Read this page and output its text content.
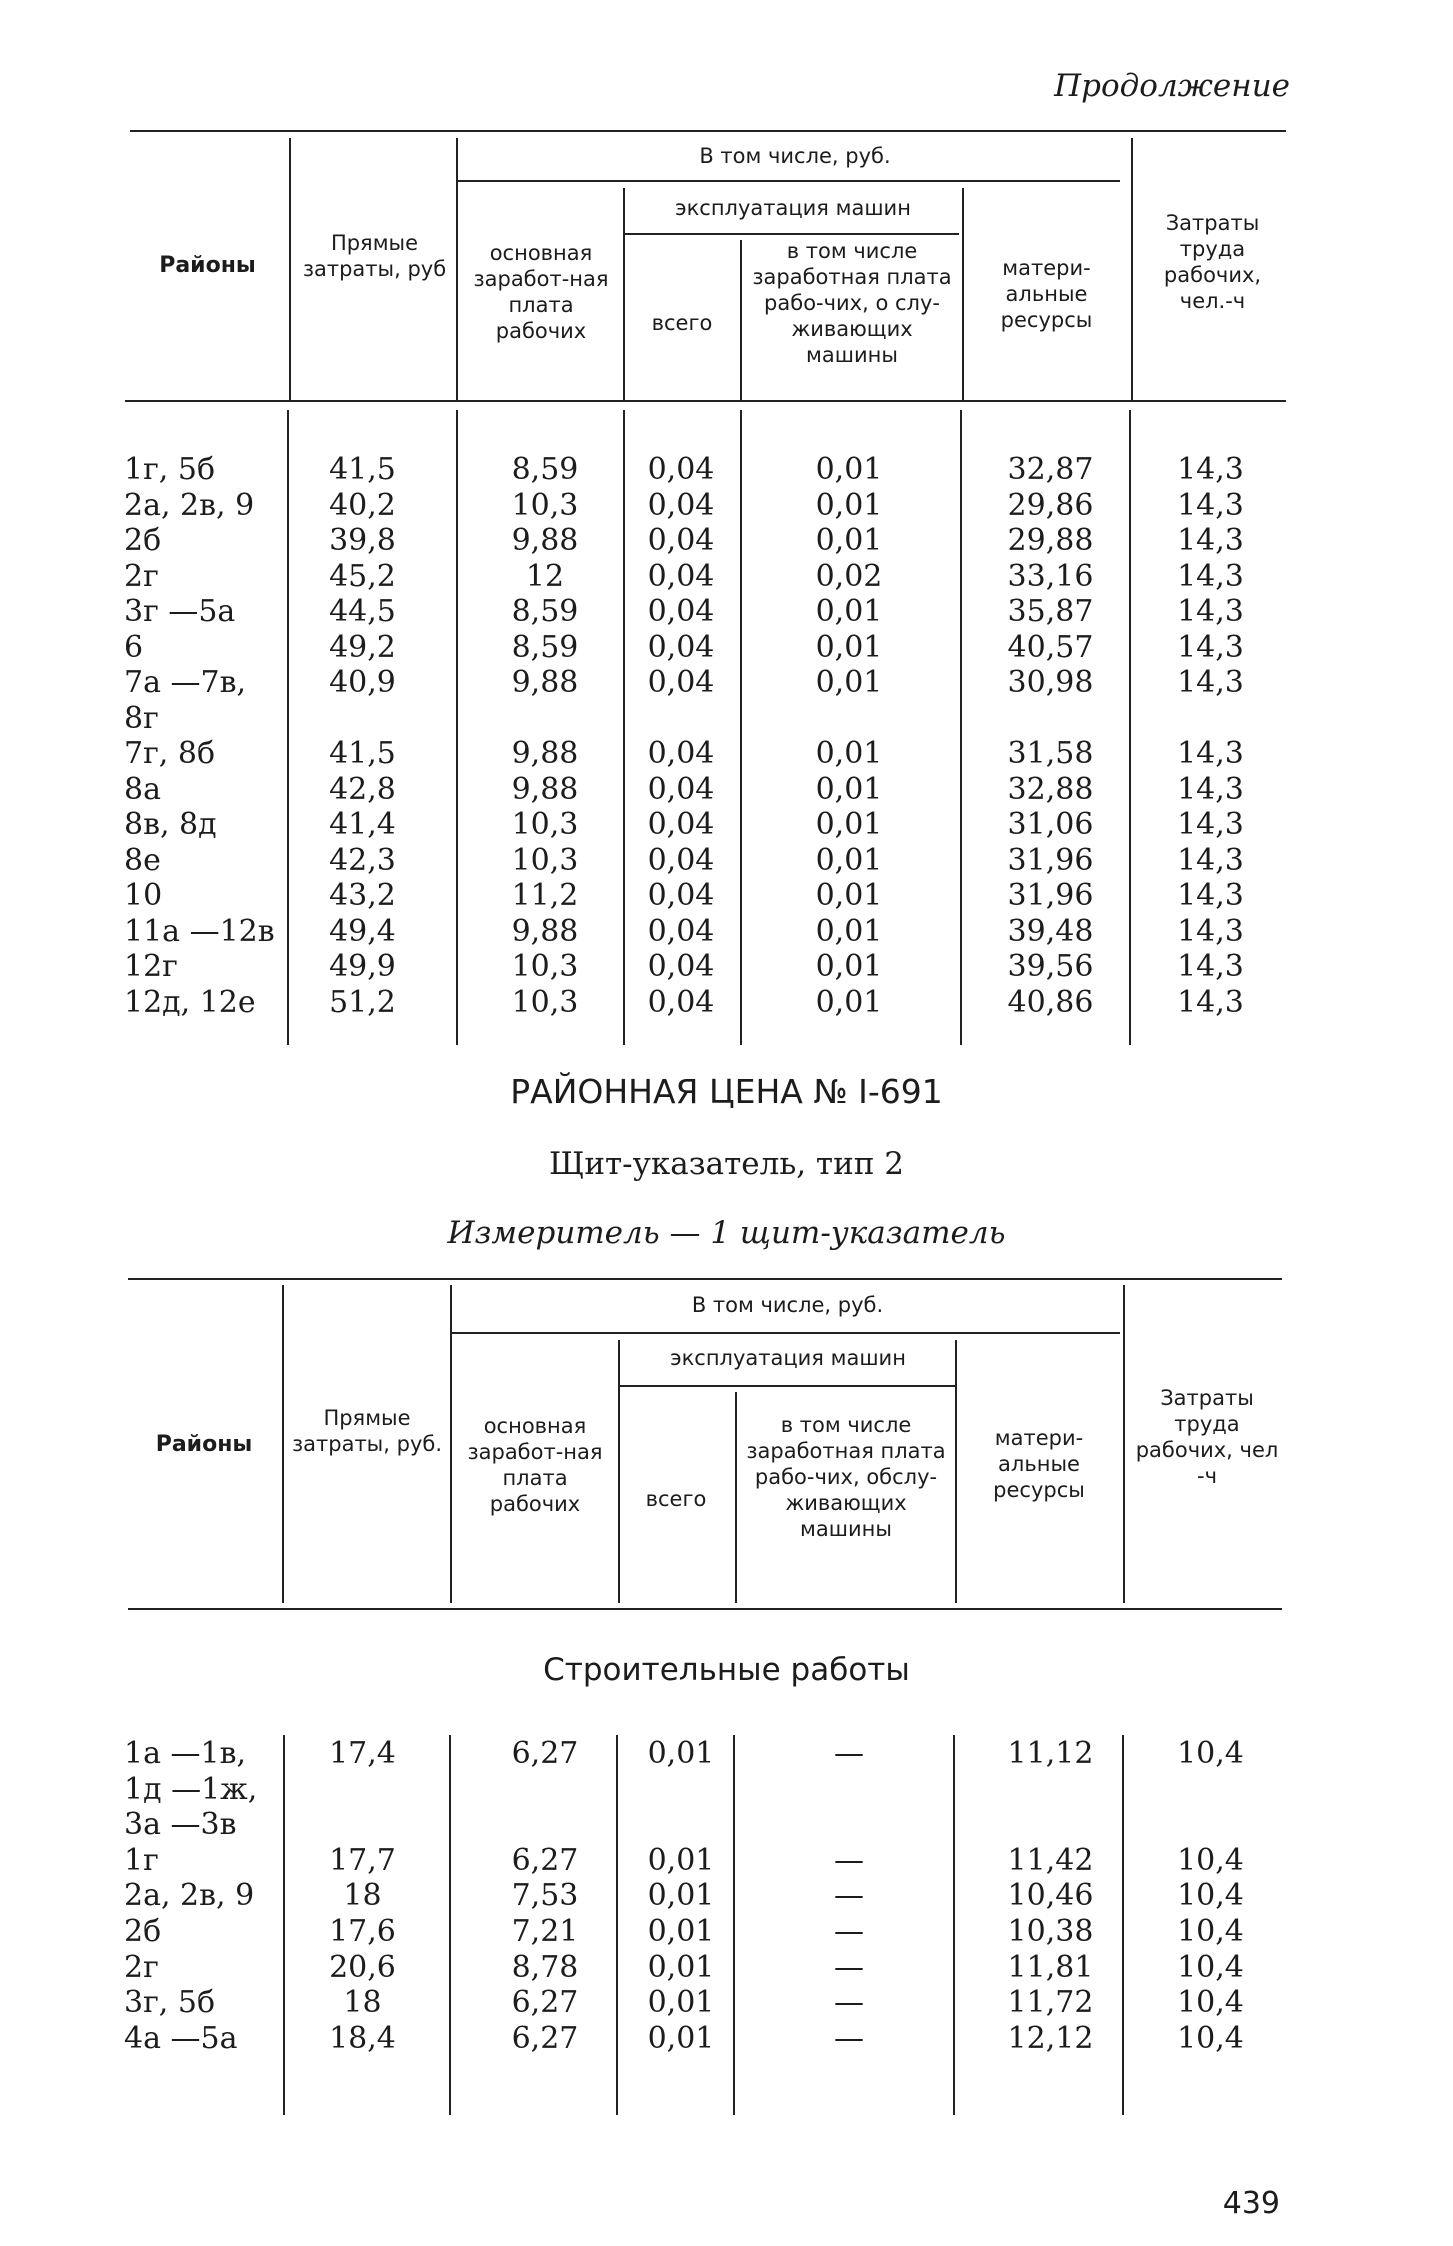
Продолжение
Районы
Прямые затраты, руб
В том числе, руб.
основная заработ-ная плата рабочих
эксплуатация машин
всего
в том числе заработная плата рабо-чих, о слу-живающих машины
матери-альные ресурсы
Затраты труда рабочих, чел.-ч
1г, 5б	41,5	8,59	0,04	0,01	32,87	14,3
2а, 2в, 9	40,2	10,3	0,04	0,01	29,86	14,3
2б	39,8	9,88	0,04	0,01	29,88	14,3
2г	45,2	12	0,04	0,02	33,16	14,3
3г —5а	44,5	8,59	0,04	0,01	35,87	14,3
6	49,2	8,59	0,04	0,01	40,57	14,3
7а —7в,	40,9	9,88	0,04	0,01	30,98	14,3
8г
7г, 8б	41,5	9,88	0,04	0,01	31,58	14,3
8а	42,8	9,88	0,04	0,01	32,88	14,3
8в, 8д	41,4	10,3	0,04	0,01	31,06	14,3
8е	42,3	10,3	0,04	0,01	31,96	14,3
10	43,2	11,2	0,04	0,01	31,96	14,3
11а —12в	49,4	9,88	0,04	0,01	39,48	14,3
12г	49,9	10,3	0,04	0,01	39,56	14,3
12д, 12е	51,2	10,3	0,04	0,01	40,86	14,3
РАЙОННАЯ ЦЕНА № I-691
Щит-указатель, тип 2
Измеритель — 1 щит-указатель
Районы
Прямые затраты, руб.
В том числе, руб.
основная заработ-ная плата рабочих
эксплуатация машин
всего
в том числе заработная плата рабо-чих, обслу-живающих машины
матери-альные ресурсы
Затраты труда рабочих, чел -ч
Строительные работы
1а —1в,	17,4	6,27	0,01	—	11,12	10,4
1д —1ж,
3а —3в
1г	17,7	6,27	0,01	—	11,42	10,4
2а, 2в, 9	18	7,53	0,01	—	10,46	10,4
2б	17,6	7,21	0,01	—	10,38	10,4
2г	20,6	8,78	0,01	—	11,81	10,4
3г, 5б	18	6,27	0,01	—	11,72	10,4
4а —5а	18,4	6,27	0,01	—	12,12	10,4
439
